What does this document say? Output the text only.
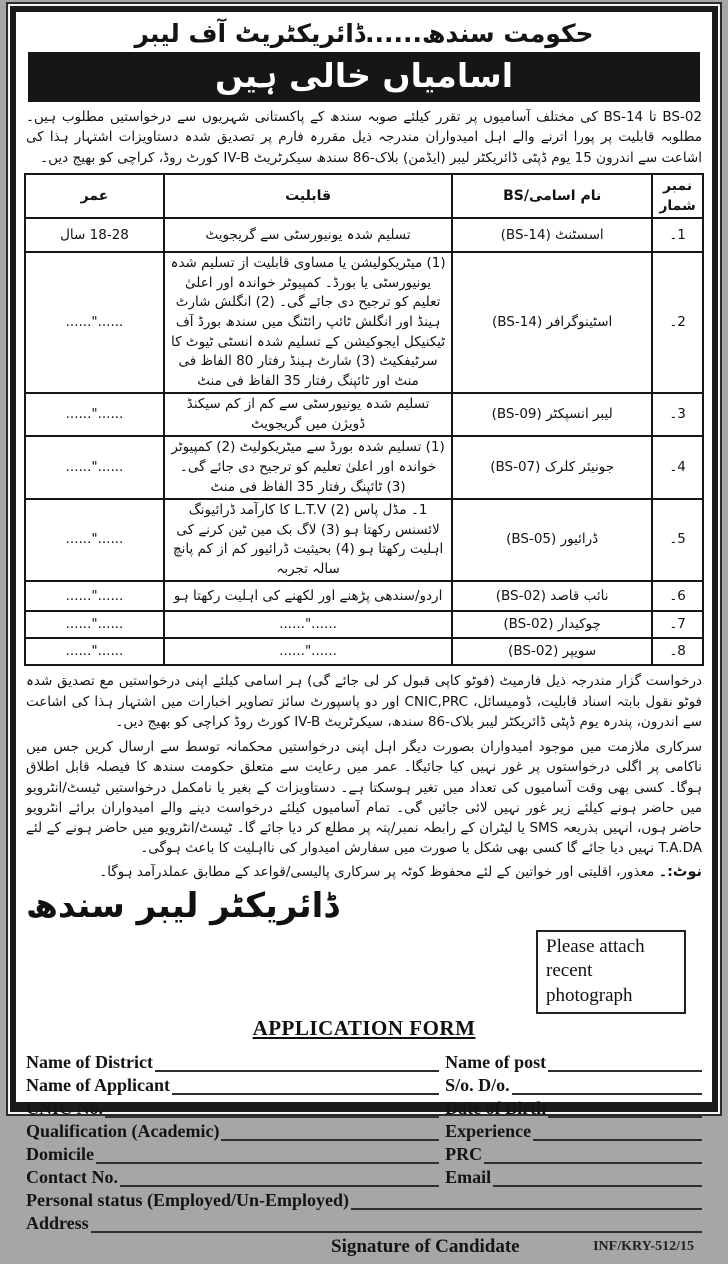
حکومت سندھ......ڈائریکٹریٹ آف لیبر
اسامیاں خالی ہیں

BS-02 تا BS-14 کی مختلف آسامیوں پر تقرر کیلئے صوبہ سندھ کے پاکستانی شہریوں سے درخواستیں مطلوب ہیں۔ مطلوبہ قابلیت پر پورا اترنے والے اہل امیدواران مندرجہ ذیل مقررہ فارم پر تصدیق شدہ دستاویزات اشتہار ہذا کی اشاعت سے اندرون 15 یوم ڈپٹی ڈائریکٹر لیبر (ایڈمن) بلاک-86 سندھ سیکرٹریٹ IV-B کورٹ روڈ، کراچی کو بھیج دیں۔

نمبر شمار	نام اسامی/BS	قابلیت	عمر
1۔	اسسٹنٹ (BS-14)	تسلیم شدہ یونیورسٹی سے گریجویٹ	18-28 سال
2۔	اسٹینوگرافر (BS-14)	(1) میٹریکولیشن یا مساوی قابلیت از تسلیم شدہ یونیورسٹی یا بورڈ۔ کمپیوٹر خواندہ اور اعلیٰ تعلیم کو ترجیح دی جائے گی۔ (2) انگلش شارٹ ہینڈ اور انگلش ٹائپ رائٹنگ میں سندھ بورڈ آف ٹیکنیکل ایجوکیشن کے تسلیم شدہ انسٹی ٹیوٹ کا سرٹیفکیٹ (3) شارٹ ہینڈ رفتار 80 الفاظ فی منٹ اور ٹائپنگ رفتار 35 الفاظ فی منٹ	......"......
3۔	لیبر انسپکٹر (BS-09)	تسلیم شدہ یونیورسٹی سے کم از کم سیکنڈ ڈویژن میں گریجویٹ	......"......
4۔	جونیئر کلرک (BS-07)	(1) تسلیم شدہ بورڈ سے میٹریکولیٹ (2) کمپیوٹر خواندہ اور اعلیٰ تعلیم کو ترجیح دی جائے گی۔ (3) ٹائپنگ رفتار 35 الفاظ فی منٹ	......"......
5۔	ڈرائیور (BS-05)	1۔ مڈل پاس (2) L.T.V کا کارآمد ڈرائیونگ لائسنس رکھتا ہو (3) لاگ بک مین ٹین کرنے کی اہلیت رکھتا ہو (4) بحیثیت ڈرائیور کم از کم پانچ سالہ تجربہ	......"......
6۔	نائب قاصد (BS-02)	اردو/سندھی پڑھنے اور لکھنے کی اہلیت رکھتا ہو	......"......
7۔	چوکیدار (BS-02)	......"......	......"......
8۔	سویپر (BS-02)	......"......	......"......

درخواست گزار مندرجہ ذیل فارمیٹ (فوٹو کاپی قبول کر لی جائے گی) ہر اسامی کیلئے اپنی درخواستیں مع تصدیق شدہ فوٹو نقول بابتہ اسناد قابلیت، ڈومیسائل، CNIC,PRC اور دو پاسپورٹ سائز تصاویر اخبارات میں اشتہار ہذا کی اشاعت سے اندرون، پندرہ یوم ڈپٹی ڈائریکٹر لیبر بلاک-86 سندھ، سیکرٹریٹ IV-B کورٹ روڈ کراچی کو بھیج دیں۔

سرکاری ملازمت میں موجود امیدواران بصورت دیگر اہل اپنی درخواستیں محکمانہ توسط سے ارسال کریں جس میں ناکامی پر اگلی درخواستوں پر غور نہیں کیا جائیگا۔ عمر میں رعایت سے متعلق حکومت سندھ کا فیصلہ قابل اطلاق ہوگا۔ کسی بھی وقت آسامیوں کی تعداد میں تغیر ہوسکتا ہے۔ دستاویزات کے بغیر یا نامکمل درخواستیں ٹیسٹ/انٹرویو میں حاضر ہونے کیلئے زیر غور نہیں لائی جائیں گی۔ تمام آسامیوں کیلئے درخواست دینے والے امیدواران برائے انٹرویو حاضر ہوں، انہیں بذریعہ SMS یا لیٹران کے رابطہ نمبر/پتہ پر مطلع کر دیا جائے گا۔ ٹیسٹ/انٹرویو میں حاضر ہونے کے لئے T.A.DA نہیں دیا جائے گا کسی بھی شکل یا صورت میں سفارش امیدوار کی نااہلیت کا باعث ہوگی۔

نوٹ:۔ معذور، اقلیتی اور خواتین کے لئے محفوظ کوٹہ پر سرکاری پالیسی/قواعد کے مطابق عملدرآمد ہوگا۔

ڈائریکٹر لیبر سندھ
Please attach recent photograph
APPLICATION FORM
Name of District	Name of post
Name of Applicant	S/o. D/o.
CNIC No.	Date of Birth
Qualification (Academic)	Experience
Domicile	PRC
Contact No.	Email
Personal status (Employed/Un-Employed)
Address
Signature of Candidate	INF/KRY-512/15
